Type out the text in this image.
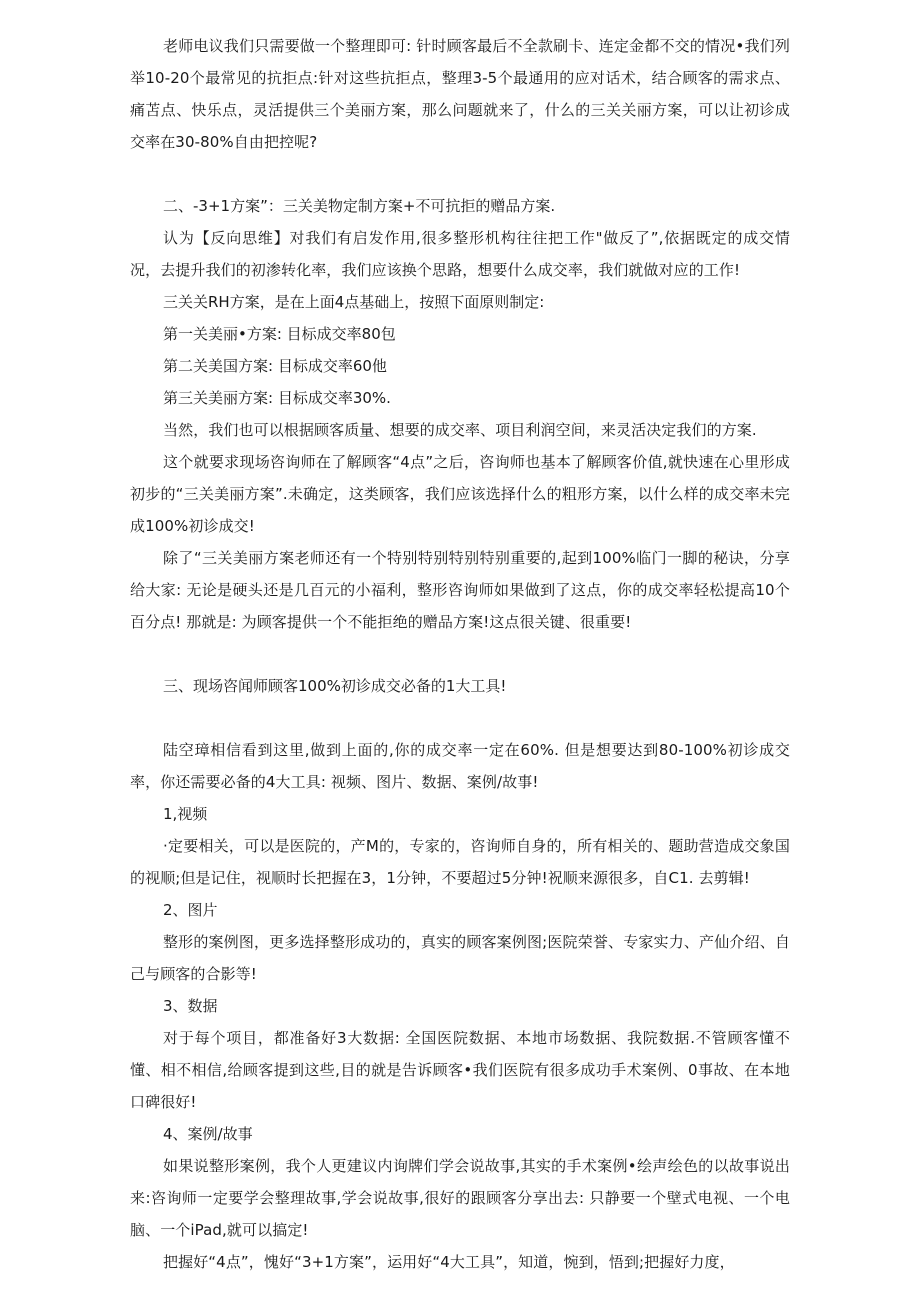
老师电议我们只需要做一个整理即可: 针时顾客最后不全款刷卡、连定金都不交的情况•我们列举10-20个最常见的抗拒点:针对这些抗拒点，整理3-5个最通用的应对话术，结合顾客的需求点、痛苫点、快乐点，灵活提供三个美丽方案，那么问题就来了，什么的三关关丽方案，可以让初诊成交率在30-80%自由把控呢?

二、-3+1方案”：三关美物定制方案+不可抗拒的赠品方案.

认为【反向思维】对我们有启发作用,很多整形机构往往把工作"做反了”,依据既定的成交情况，去提升我们的初渗转化率，我们应该换个思路，想要什么成交率，我们就做对应的工作!

三关关RH方案，是在上面4点基础上，按照下面原则制定:

第一关美丽•方案: 目标成交率80包

第二关美国方案: 目标成交率60他

第三关美丽方案: 目标成交率30%.

当然，我们也可以根据顾客质量、想要的成交率、项目利润空间，来灵活决定我们的方案.

这个就要求现场咨询师在了解顾客“4点”之后，咨询师也基本了解顾客价值,就快速在心里形成初步的“三关美丽方案”.未确定，这类顾客，我们应该选择什么的粗形方案，以什么样的成交率未完成100%初诊成交!

除了“三关美丽方案老师还有一个特别特别特别特别重要的,起到100%临门一脚的秘诀，分享给大家: 无论是硬头还是几百元的小福利，整形咨询师如果做到了这点，你的成交率轻松提高10个百分点! 那就是: 为顾客提供一个不能拒绝的赠品方案!这点很关键、很重要!

三、现场咨闻师顾客100%初诊成交必备的1大工具!

陆空璋相信看到这里,做到上面的,你的成交率一定在60%. 但是想要达到80-100%初诊成交率，你还需要必备的4大工具: 视频、图片、数据、案例/故事!

1,视频

·定要相关，可以是医院的，产M的，专家的，咨询师自身的，所有相关的、题助营造成交象国的视顺;但是记住，视顺时长把握在3，1分钟，不要超过5分钟!祝顺来源很多，自C1. 去剪辑!

2、图片

整形的案例图，更多选择整形成功的，真实的顾客案例图;医院荣誉、专家实力、产仙介绍、自己与顾客的合影等!

3、数据

对于每个项目，都准备好3大数据: 全国医院数据、本地市场数据、我院数据.不管顾客懂不懂、相不相信,给顾客提到这些,目的就是告诉顾客•我们医院有很多成功手术案例、0事故、在本地口碑很好!

4、案例/故事

如果说整形案例，我个人更建议内询牌们学会说故事,其实的手术案例•绘声绘色的以故事说出来:咨询师一定要学会整理故事,学会说故事,很好的跟顾客分享出去: 只静要一个壁式电视、一个电脑、一个iPad,就可以搞定!

把握好“4点”，愧好“3+1方案”，运用好“4大工具”，知道，惋到，悟到;把握好力度，
